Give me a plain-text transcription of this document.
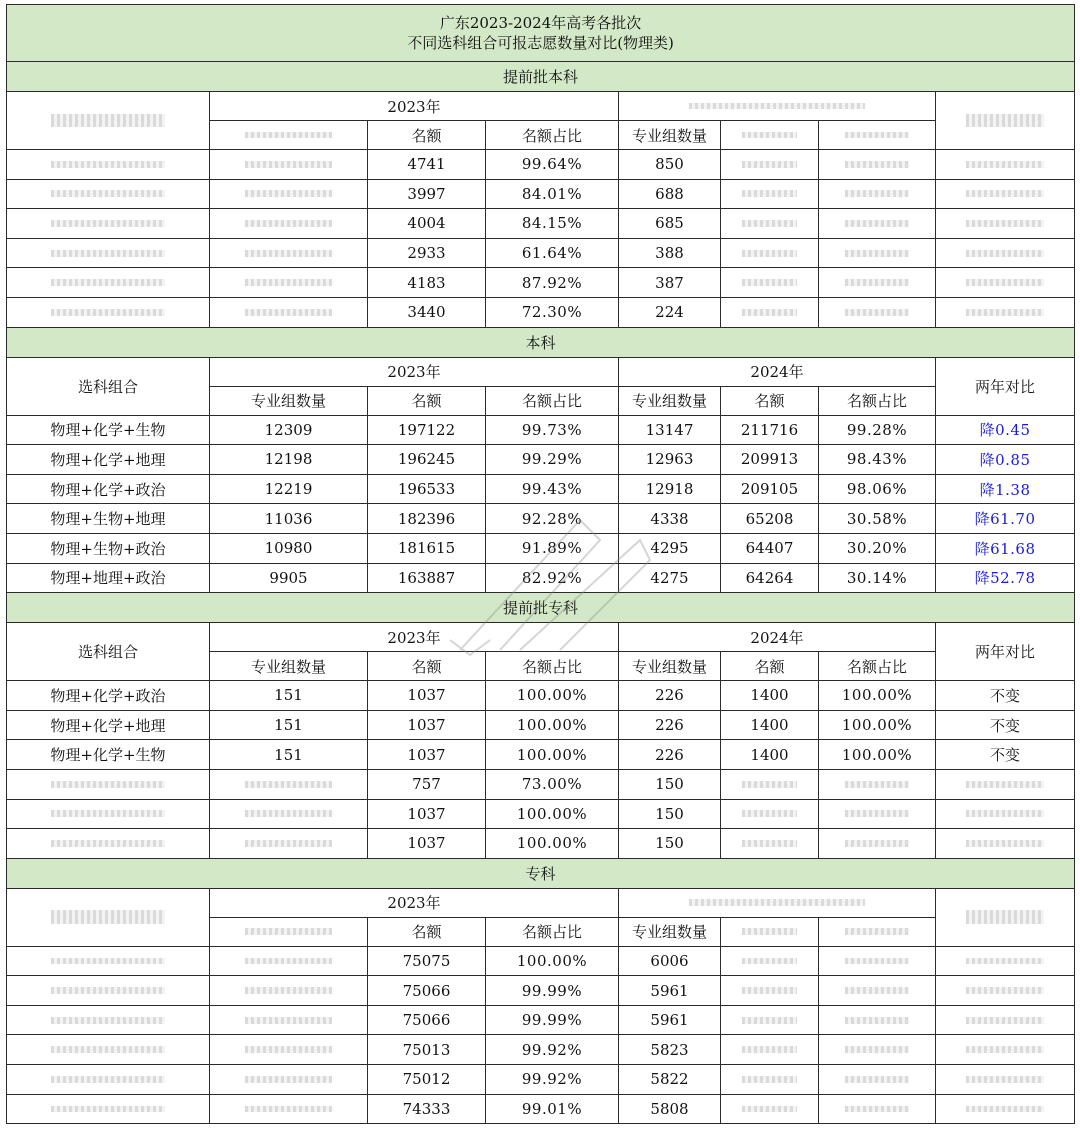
广东2023-2024年高考各批次
不同选科组合可报志愿数量对比(物理类)							

提前批本科							
	2023年						
		名额	名额占比	专业组数量			
		4741	99.64%	850			
		3997	84.01%	688			
		4004	84.15%	685			
		2933	61.64%	388			
		4183	87.92%	387			
		3440	72.30%	224			
本科							
选科组合	2023年			2024年			两年对比
	专业组数量	名额	名额占比	专业组数量	名额	名额占比	
物理+化学+生物	12309	197122	99.73%	13147	211716	99.28%	降0.45
物理+化学+地理	12198	196245	99.29%	12963	209913	98.43%	降0.85
物理+化学+政治	12219	196533	99.43%	12918	209105	98.06%	降1.38
物理+生物+地理	11036	182396	92.28%	4338	65208	30.58%	降61.70
物理+生物+政治	10980	181615	91.89%	4295	64407	30.20%	降61.68
物理+地理+政治	9905	163887	82.92%	4275	64264	30.14%	降52.78
提前批专科							
选科组合	2023年			2024年			两年对比
	专业组数量	名额	名额占比	专业组数量	名额	名额占比	
物理+化学+政治	151	1037	100.00%	226	1400	100.00%	不变
物理+化学+地理	151	1037	100.00%	226	1400	100.00%	不变
物理+化学+生物	151	1037	100.00%	226	1400	100.00%	不变
		757	73.00%	150			
		1037	100.00%	150			
		1037	100.00%	150			
专科							
	2023年						
		名额	名额占比	专业组数量			
		75075	100.00%	6006			
		75066	99.99%	5961			
		75066	99.99%	5961			
		75013	99.92%	5823			
		75012	99.92%	5822			
		74333	99.01%	5808			
